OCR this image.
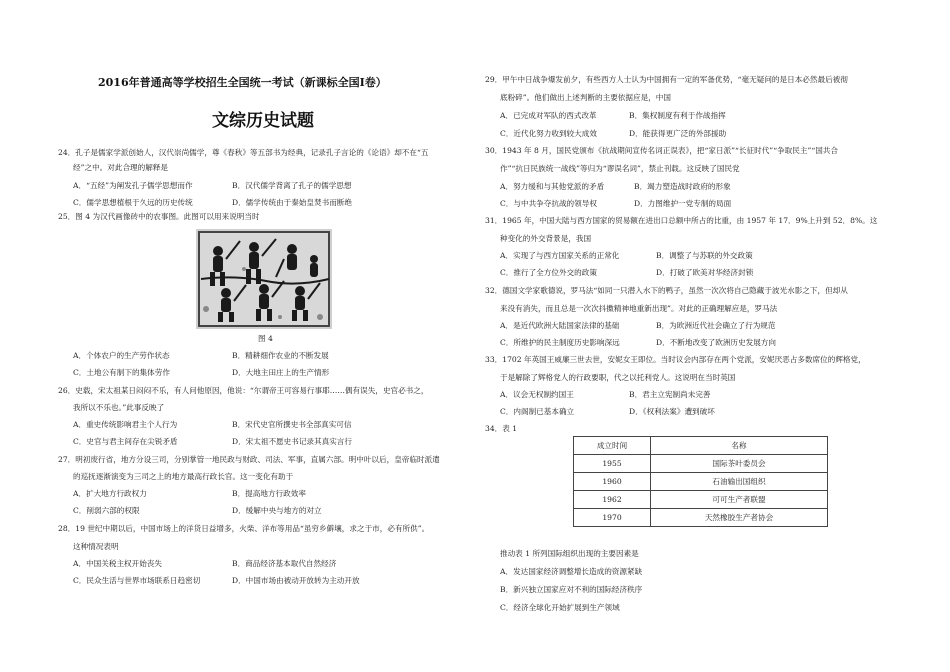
2016年普通高等学校招生全国统一考试（新课标全国Ⅰ卷）
文综历史试题
24．孔子是儒家学派创始人，汉代崇尚儒学，尊《春秋》等五部书为经典，记录孔子言论的《论语》却不在“五
经”之中。对此合理的解释是
A．“五经”为阐发孔子儒学思想而作	B．汉代儒学背离了孔子的儒学思想
C．儒学思想植根于久远的历史传统	D．儒学传统由于秦始皇焚书而断绝
25．图 4 为汉代画像砖中的农事图。此图可以用来说明当时
图 4
A．个体农户的生产劳作状态	B．精耕细作农业的不断发展
C．土地公有制下的集体劳作	D．大地主田庄上的生产情形
26．史载，宋太祖某日闷闷不乐，有人问他原因，他说：“尔谓帝王可容易行事耶……偶有误失，史官必书之，
我所以不乐也。”此事反映了
A．重史传统影响君主个人行为	B．宋代史官所撰史书全部真实可信
C．史官与君主间存在尖锐矛盾	D．宋太祖不愿史书记录其真实言行
27．明初废行省，地方分设三司，分别掌管一地民政与财政、司法、军事，直属六部。明中叶以后，皇帝临时派遣
的巡抚逐渐演变为三司之上的地方最高行政长官。这一变化有助于
A．扩大地方行政权力	B．提高地方行政效率
C．削弱六部的权限	D．缓解中央与地方的对立
28．19 世纪中期以后，中国市场上的洋货日益增多，火柴、洋布等用品“虽穷乡僻壤，求之于市，必有所供”。
这种情况表明
A．中国关税主权开始丧失	B．商品经济基本取代自然经济
C．民众生活与世界市场联系日趋密切	D．中国市场由被动开放转为主动开放
29．甲午中日战争爆发前夕，有些西方人士认为中国拥有一定的军备优势，“毫无疑问的是日本必然最后被彻
底粉碎”。他们做出上述判断的主要依据应是，中国
A．已完成对军队的西式改革	B．集权制度有利于作战指挥
C．近代化努力收到较大成效	D．能获得更广泛的外部援助
30．1943 年 8 月，国民党颁布《抗战期间宣传名词正误表》，把“家日派”“长征时代”“争取民主”“国共合
作”“抗日民族统一战线”等归为“谬误名词”，禁止刊载。这反映了国民党
A．努力缓和与其他党派的矛盾	B．竭力塑造战时政府的形象
C．与中共争夺抗战的领导权	D．力图维护一党专制的局面
31．1965 年，中国大陆与西方国家的贸易额在进出口总额中所占的比重，由 1957 年 17．9%上升到 52．8%。这
种变化的外交背景是，我国
A．实现了与西方国家关系的正常化	B．调整了与苏联的外交政策
C．推行了全方位外交的政策	D．打破了欧美对华经济封锁
32．德国文学家歌德说，罗马法“如同一只潜入水下的鸭子，虽然一次次将自己隐藏于波光水影之下，但却从
来没有消失，而且总是一次次抖擞精神地重新出现”。对此的正确理解应是，罗马法
A．是近代欧洲大陆国家法律的基础	B．为欧洲近代社会确立了行为规范
C．所维护的民主制度历史影响深远	D．不断地改变了欧洲历史发展方向
33．1702 年英国王威廉三世去世，安妮女王即位。当时议会内部存在两个党派，安妮厌恶占多数席位的辉格党，
于是解除了辉格党人的行政要职，代之以托利党人。这说明在当时英国
A．议会无权制约国王	B．君主立宪制尚未完善
C．内阁制已基本确立	D．《权利法案》遭到破坏
34．表 1
成立时间	名称
1955	国际茶叶委员会
1960	石油输出国组织
1962	可可生产者联盟
1970	天然橡胶生产者协会
推动表 1 所列国际组织出现的主要因素是
A．发达国家经济调整增长造成的资源紧缺
B．新兴独立国家应对不利的国际经济秩序
C．经济全球化开始扩展到生产领域
